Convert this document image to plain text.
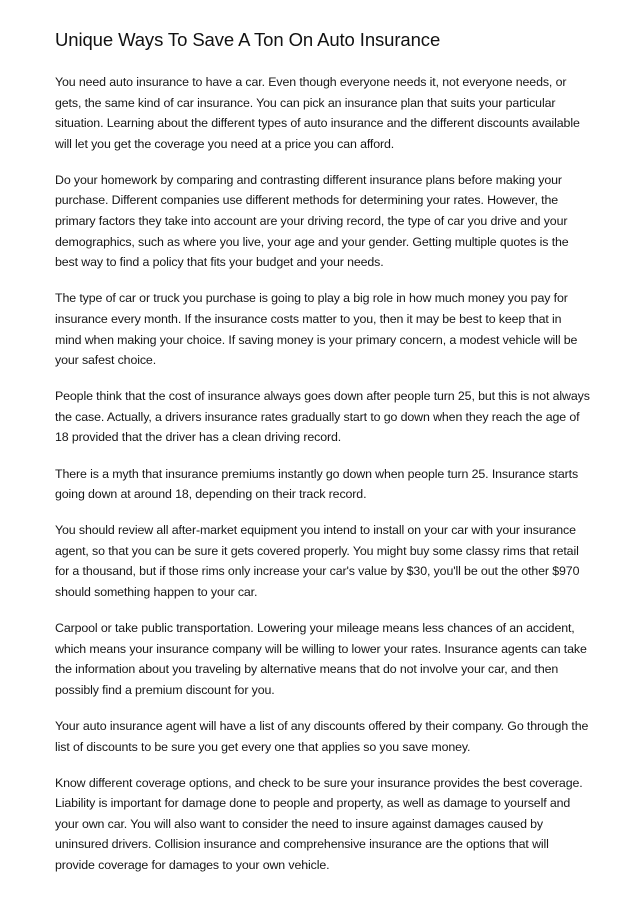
Unique Ways To Save A Ton On Auto Insurance

You need auto insurance to have a car. Even though everyone needs it, not everyone needs, or gets, the same kind of car insurance. You can pick an insurance plan that suits your particular situation. Learning about the different types of auto insurance and the different discounts available will let you get the coverage you need at a price you can afford.

Do your homework by comparing and contrasting different insurance plans before making your purchase. Different companies use different methods for determining your rates. However, the primary factors they take into account are your driving record, the type of car you drive and your demographics, such as where you live, your age and your gender. Getting multiple quotes is the best way to find a policy that fits your budget and your needs.

The type of car or truck you purchase is going to play a big role in how much money you pay for insurance every month. If the insurance costs matter to you, then it may be best to keep that in mind when making your choice. If saving money is your primary concern, a modest vehicle will be your safest choice.

People think that the cost of insurance always goes down after people turn 25, but this is not always the case. Actually, a drivers insurance rates gradually start to go down when they reach the age of 18 provided that the driver has a clean driving record.

There is a myth that insurance premiums instantly go down when people turn 25. Insurance starts going down at around 18, depending on their track record.

You should review all after-market equipment you intend to install on your car with your insurance agent, so that you can be sure it gets covered properly. You might buy some classy rims that retail for a thousand, but if those rims only increase your car's value by $30, you'll be out the other $970 should something happen to your car.

Carpool or take public transportation. Lowering your mileage means less chances of an accident, which means your insurance company will be willing to lower your rates. Insurance agents can take the information about you traveling by alternative means that do not involve your car, and then possibly find a premium discount for you.

Your auto insurance agent will have a list of any discounts offered by their company. Go through the list of discounts to be sure you get every one that applies so you save money.

Know different coverage options, and check to be sure your insurance provides the best coverage. Liability is important for damage done to people and property, as well as damage to yourself and your own car. You will also want to consider the need to insure against damages caused by uninsured drivers. Collision insurance and comprehensive insurance are the options that will provide coverage for damages to your own vehicle.
